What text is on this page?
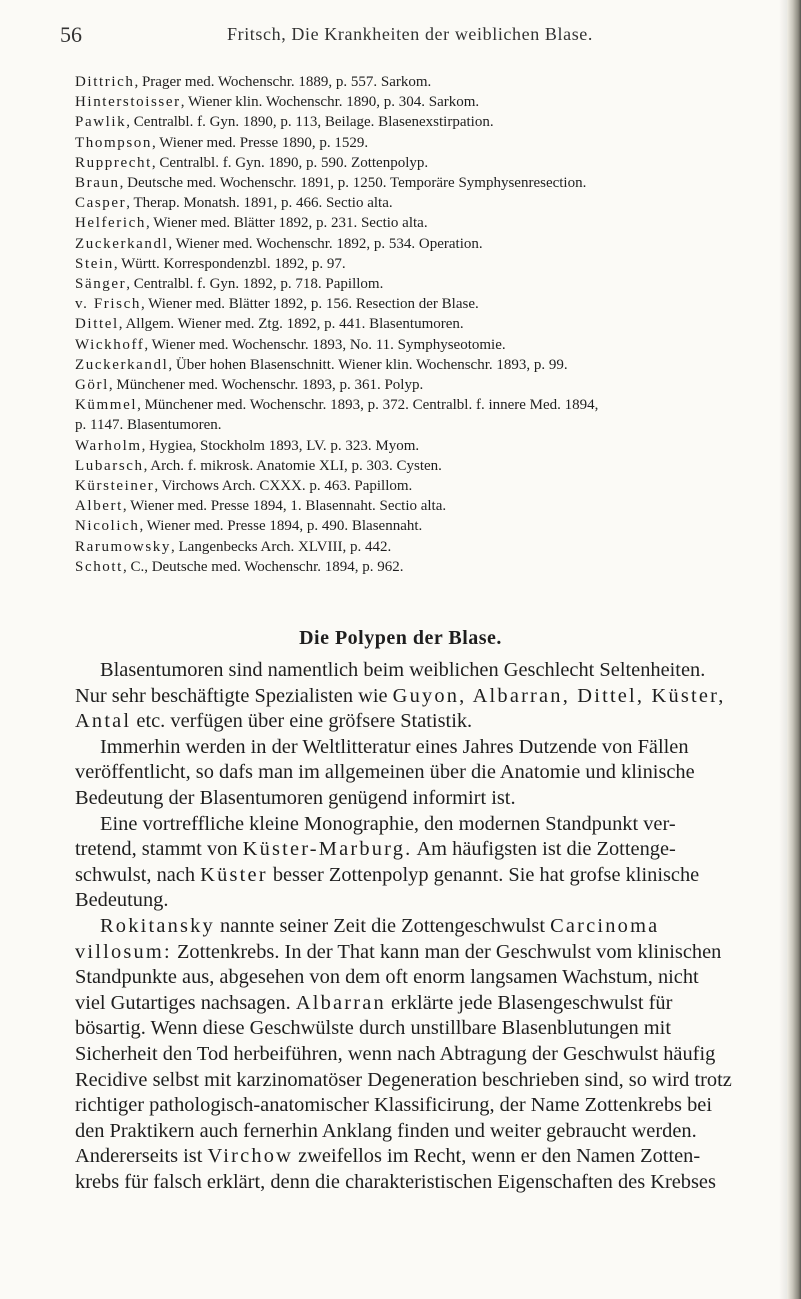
56	Fritsch, Die Krankheiten der weiblichen Blase.
Dittrich, Prager med. Wochenschr. 1889, p. 557. Sarkom.
Hinterstoisser, Wiener klin. Wochenschr. 1890, p. 304. Sarkom.
Pawlik, Centralbl. f. Gyn. 1890, p. 113, Beilage. Blasenexstirpation.
Thompson, Wiener med. Presse 1890, p. 1529.
Rupprecht, Centralbl. f. Gyn. 1890, p. 590. Zottenpolyp.
Braun, Deutsche med. Wochenschr. 1891, p. 1250. Temporäre Symphysenresection.
Casper, Therap. Monatsh. 1891, p. 466. Sectio alta.
Helferich, Wiener med. Blätter 1892, p. 231. Sectio alta.
Zuckerkandl, Wiener med. Wochenschr. 1892, p. 534. Operation.
Stein, Württ. Korrespondenzbl. 1892, p. 97.
Sänger, Centralbl. f. Gyn. 1892, p. 718. Papillom.
v. Frisch, Wiener med. Blätter 1892, p. 156. Resection der Blase.
Dittel, Allgem. Wiener med. Ztg. 1892, p. 441. Blasentumoren.
Wickhoff, Wiener med. Wochenschr. 1893, No. 11. Symphyseotomie.
Zuckerkandl, Über hohen Blasenschnitt. Wiener klin. Wochenschr. 1893, p. 99.
Görl, Münchener med. Wochenschr. 1893, p. 361. Polyp.
Kümmel, Münchener med. Wochenschr. 1893, p. 372. Centralbl. f. innere Med. 1894,
p. 1147. Blasentumoren.
Warholm, Hygiea, Stockholm 1893, LV. p. 323. Myom.
Lubarsch, Arch. f. mikrosk. Anatomie XLI, p. 303. Cysten.
Kürsteiner, Virchows Arch. CXXX. p. 463. Papillom.
Albert, Wiener med. Presse 1894, 1. Blasennaht. Sectio alta.
Nicolich, Wiener med. Presse 1894, p. 490. Blasennaht.
Rarumowsky, Langenbecks Arch. XLVIII, p. 442.
Schott, C., Deutsche med. Wochenschr. 1894, p. 962.
Die Polypen der Blase.
Blasentumoren sind namentlich beim weiblichen Geschlecht Seltenheiten.
Nur sehr beschäftigte Spezialisten wie Guyon, Albarran, Dittel, Küster,
Antal etc. verfügen über eine gröfsere Statistik.
Immerhin werden in der Weltlitteratur eines Jahres Dutzende von Fällen
veröffentlicht, so dafs man im allgemeinen über die Anatomie und klinische
Bedeutung der Blasentumoren genügend informirt ist.
Eine vortreffliche kleine Monographie, den modernen Standpunkt ver-
tretend, stammt von Küster-Marburg. Am häufigsten ist die Zottenge-
schwulst, nach Küster besser Zottenpolyp genannt. Sie hat grofse klinische
Bedeutung.
Rokitansky nannte seiner Zeit die Zottengeschwulst Carcinoma
villosum: Zottenkrebs. In der That kann man der Geschwulst vom klinischen
Standpunkte aus, abgesehen von dem oft enorm langsamen Wachstum, nicht
viel Gutartiges nachsagen. Albarran erklärte jede Blasengeschwulst für
bösartig. Wenn diese Geschwülste durch unstillbare Blasenblutungen mit
Sicherheit den Tod herbeiführen, wenn nach Abtragung der Geschwulst häufig
Recidive selbst mit karzinomatöser Degeneration beschrieben sind, so wird trotz
richtiger pathologisch-anatomischer Klassificirung, der Name Zottenkrebs bei
den Praktikern auch fernerhin Anklang finden und weiter gebraucht werden.
Andererseits ist Virchow zweifellos im Recht, wenn er den Namen Zotten-
krebs für falsch erklärt, denn die charakteristischen Eigenschaften des Krebses
